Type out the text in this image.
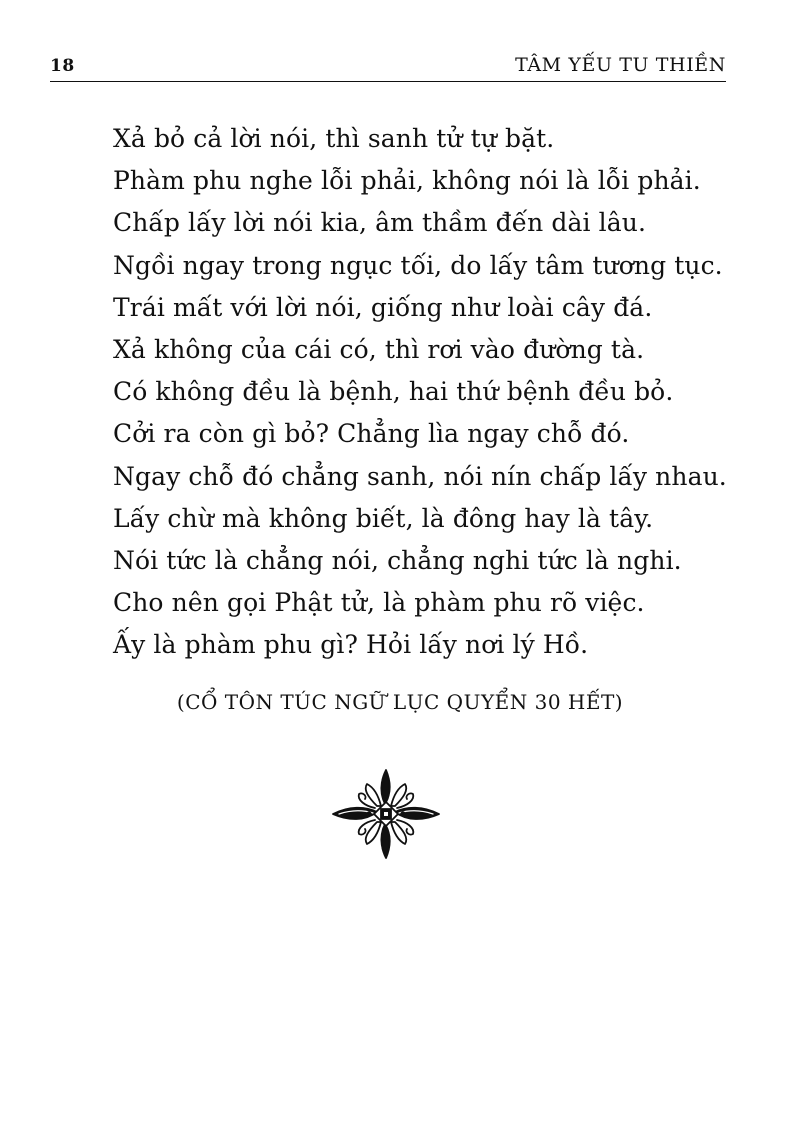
18	TÂM YẾU TU THIỀN
Xả bỏ cả lời nói, thì sanh tử tự bặt.
Phàm phu nghe lỗi phải, không nói là lỗi phải.
Chấp lấy lời nói kia, âm thầm đến dài lâu.
Ngồi ngay trong ngục tối, do lấy tâm tương tục.
Trái mất với lời nói, giống như loài cây đá.
Xả không của cái có, thì rơi vào đường tà.
Có không đều là bệnh, hai thứ bệnh đều bỏ.
Cởi ra còn gì bỏ? Chẳng lìa ngay chỗ đó.
Ngay chỗ đó chẳng sanh, nói nín chấp lấy nhau.
Lấy chừ mà không biết, là đông hay là tây.
Nói tức là chẳng nói, chẳng nghi tức là nghi.
Cho nên gọi Phật tử, là phàm phu rõ việc.
Ấy là phàm phu gì? Hỏi lấy nơi lý Hồ.
(CỔ TÔN TÚC NGỮ LỤC QUYỂN 30 HẾT)
